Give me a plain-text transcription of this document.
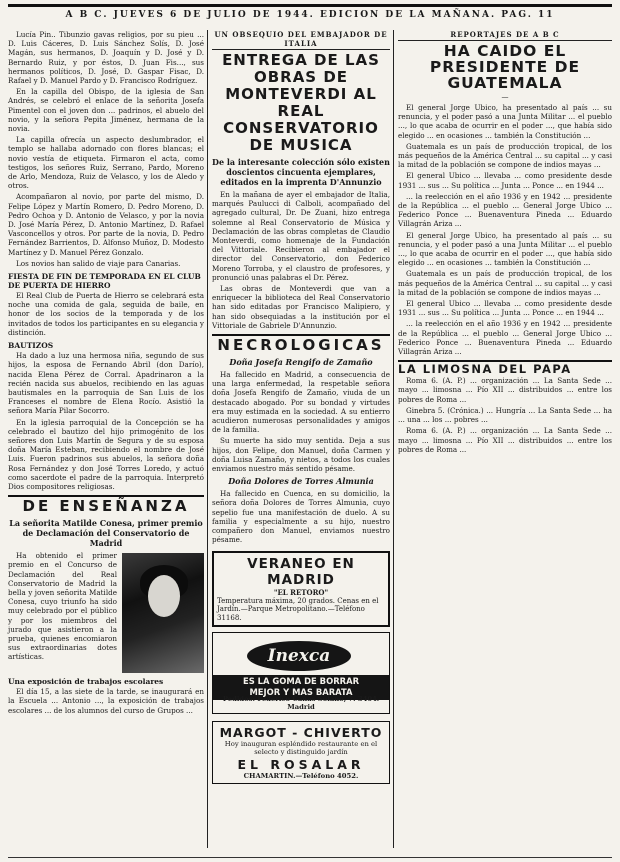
A B C. JUEVES 6 DE JULIO DE 1944. EDICION DE LA MAÑANA. PAG. 11

Lucía Pin.. Tibunzio gavas religios, por su pieu ... D. Luis Cáceres, D. Luis Sánchez Solís, D. José Magán, sus hermanos, D. Joaquín y D. José y D. Bernardo Ruiz, y por éstos, D. Juan Fis..., sus hermanos políticos, D. José, D. Gaspar Fisac, D. Rafael y D. Manuel Pardo y D. Francisco Rodríguez.

En la capilla del Obispo, de la iglesia de San Andrés, se celebró el enlace de la señorita Josefa Pimentel con el joven don ... padrinos, el abuelo del novio, y la señora Pepita Jiménez, hermana de la novia.

La capilla ofrecía un aspecto deslumbrador, el templo se hallaba adornado con flores blancas; el novio vestía de etiqueta. Firmaron el acta, como testigos, los señores Ruiz, Serrano, Pardo, Moreno de Arlo, Mendoza, Ruiz de Velasco, y los de Aledo y otros.

Acompañaron al novio, por parte del mismo, D. Felipe López y Martín Romero, D. Pedro Moreno, D. Pedro Ochoa y D. Antonio de Velasco, y por la novia D. José María Pérez, D. Antonio Martínez, D. Rafael Vasconcellos y otros. Por parte de la novia, D. Pedro Fernández Barrientos, D. Alfonso Muñoz, D. Modesto Martínez y D. Manuel Pérez Gonzalo.

Los novios han salido de viaje para Canarias.

FIESTA DE FIN DE TEMPORADA EN EL CLUB DE PUERTA DE HIERRO

El Real Club de Puerta de Hierro se celebrará esta noche una comida de gala, seguida de baile, en honor de los socios de la temporada y de los invitados de todos los participantes en su elegancia y distinción.

BAUTIZOS

Ha dado a luz una hermosa niña, segundo de sus hijos, la esposa de Fernando Abril (don Darío), nacida Elena Pérez de Corral. Apadrinaron a la recién nacida sus abuelos, recibiendo en las aguas bautismales en la parroquia de San Luis de los Franceses el nombre de Elena Rocío. Asistió la señora María Pilar Socorro.

En la iglesia parroquial de la Concepción se ha celebrado el bautizo del hijo primogénito de los señores don Luis Martín de Segura y de su esposa doña María Esteban, recibiendo el nombre de José Luis. Fueron padrinos sus abuelos, la señora doña Rosa Fernández y don José Torres Loredo, y actuó como sacerdote el padre de la parroquia. Interpretó Dios compositores religiosas.

DE ENSEÑANZA
La señorita Matilde Conesa, primer premio de Declamación del Conservatorio de Madrid

Ha obtenido el primer premio en el Concurso de Declamación del Real Conservatorio de Madrid la bella y joven señorita Matilde Conesa, cuyo triunfo ha sido muy celebrado por el público y por los miembros del jurado que asistieron a la prueba, quienes encomiaron sus extraordinarias dotes artísticas.

Una exposición de trabajos escolares

El día 15, a las siete de la tarde, se inaugurará en la Escuela ... Antonio ..., la exposición de trabajos escolares ... de los alumnos del curso de Grupos ...

UN OBSEQUIO DEL EMBAJADOR DE ITALIA
ENTREGA DE LAS OBRAS DE MONTEVERDI AL REAL CONSERVATORIO DE MUSICA
De la interesante colección sólo existen doscientos cincuenta ejemplares, editados en la imprenta D'Annunzio

En la mañana de ayer el embajador de Italia, marqués Paulucci di Calboli, acompañado del agregado cultural, Dr. De Zuani, hizo entrega solemne al Real Conservatorio de Música y Declamación de las obras completas de Claudio Monteverdi, como homenaje de la Fundación del Vittoriale. Recibieron al embajador el director del Conservatorio, don Federico Moreno Torroba, y el claustro de profesores, y pronunció unas palabras el Dr. Pérez.

Las obras de Monteverdi que van a enriquecer la biblioteca del Real Conservatorio han sido editadas por Francisco Malipiero, y han sido obsequiadas a la institución por el Vittoriale de Gabriele D'Annunzio.

NECROLOGICAS
Doña Josefa Rengifo de Zamaño

Ha fallecido en Madrid, a consecuencia de una larga enfermedad, la respetable señora doña Josefa Rengifo de Zamaño, viuda de un destacado abogado. Por su bondad y virtudes era muy estimada en la sociedad. A su entierro acudieron numerosas personalidades y amigos de la familia.

Su muerte ha sido muy sentida. Deja a sus hijos, don Felipe, don Manuel, doña Carmen y doña Luisa Zamaño, y nietos, a todos los cuales enviamos nuestro más sentido pésame.

Doña Dolores de Torres Almunia

Ha fallecido en Cuenca, en su domicilio, la señora doña Dolores de Torres Almunia, cuyo sepelio fue una manifestación de duelo. A su familia y especialmente a su hijo, nuestro compañero don Manuel, enviamos nuestro pésame.

VERANEO EN MADRID
"EL RETORO"
Temperatura máxima, 20 grados. Cenas en el Jardín.—Parque Metropolitano.—Teléfono 31168.
Inexca
ES LA GOMA DE BORRAR
MEJOR Y MAS BARATA
Pedidos: Federico Cañas Solano, 7. 3404. Madrid
MARGOT - CHIVERTO
Hoy inauguran espléndido restaurante en el selecto y distinguido jardín
EL ROSALAR
CHAMARTIN.—Teléfono 4052.
REPORTAJES DE A B C
HA CAIDO EL PRESIDENTE DE GUATEMALA
—

El general Jorge Ubico, ha presentado al país ... su renuncia, y el poder pasó a una Junta Militar ... el pueblo ..., lo que acaba de ocurrir en el poder ..., que había sido elegido ... en ocasiones ... también la Constitución ...

Guatemala es un país de producción tropical, de los más pequeños de la América Central ... su capital ... y casi la mitad de la población se compone de indios mayas ...

El general Ubico ... llevaba ... como presidente desde 1931 ... sus ... Su política ... Junta ... Ponce ... en 1944 ...

... la reelección en el año 1936 y en 1942 ... presidente de la República ... el pueblo ... General Jorge Ubico ... Federico Ponce ... Buenaventura Pineda ... Eduardo Villagrán Ariza ...

El general Jorge Ubico, ha presentado al país ... su renuncia, y el poder pasó a una Junta Militar ... el pueblo ..., lo que acaba de ocurrir en el poder ..., que había sido elegido ... en ocasiones ... también la Constitución ...

Guatemala es un país de producción tropical, de los más pequeños de la América Central ... su capital ... y casi la mitad de la población se compone de indios mayas ...

El general Ubico ... llevaba ... como presidente desde 1931 ... sus ... Su política ... Junta ... Ponce ... en 1944 ...

... la reelección en el año 1936 y en 1942 ... presidente de la República ... el pueblo ... General Jorge Ubico ... Federico Ponce ... Buenaventura Pineda ... Eduardo Villagrán Ariza ...

LA LIMOSNA DEL PAPA

Roma 6. (A. P.) ... organización ... La Santa Sede ... mayo ... limosna ... Pío XII ... distribuidos ... entre los pobres de Roma ...

Ginebra 5. (Crónica.) ... Hungría ... La Santa Sede ... ha ... una ... los ... pobres ...

Roma 6. (A. P.) ... organización ... La Santa Sede ... mayo ... limosna ... Pío XII ... distribuidos ... entre los pobres de Roma ...
